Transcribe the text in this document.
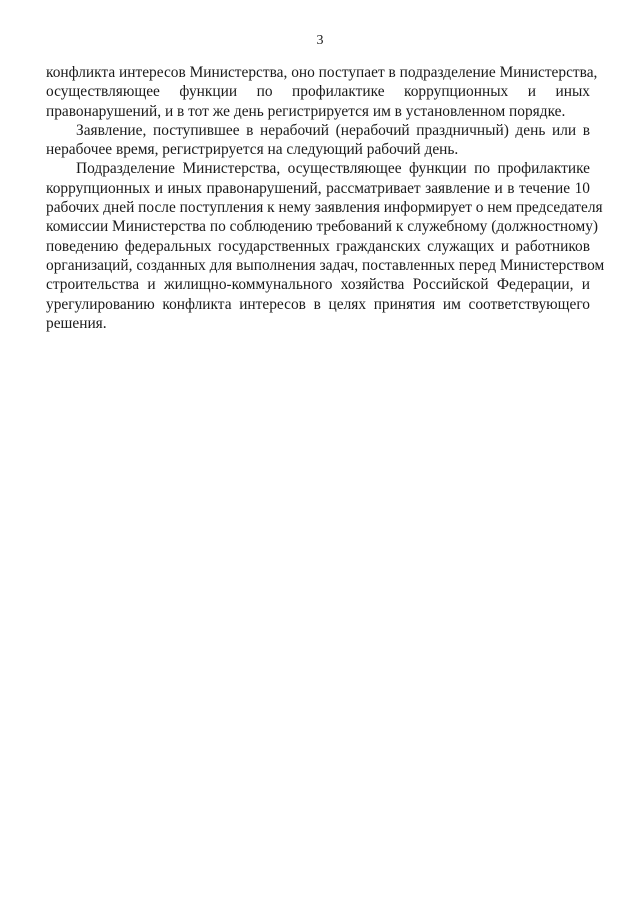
3
конфликта интересов Министерства, оно поступает в подразделение Министерства,
осуществляющее функции по профилактике коррупционных и иных
правонарушений, и в тот же день регистрируется им в установленном порядке.
Заявление, поступившее в нерабочий (нерабочий праздничный) день или в
нерабочее время, регистрируется на следующий рабочий день.
Подразделение Министерства, осуществляющее функции по профилактике
коррупционных и иных правонарушений, рассматривает заявление и в течение 10
рабочих дней после поступления к нему заявления информирует о нем председателя
комиссии Министерства по соблюдению требований к служебному (должностному)
поведению федеральных государственных гражданских служащих и работников
организаций, созданных для выполнения задач, поставленных перед Министерством
строительства и жилищно-коммунального хозяйства Российской Федерации, и
урегулированию конфликта интересов в целях принятия им соответствующего
решения.
